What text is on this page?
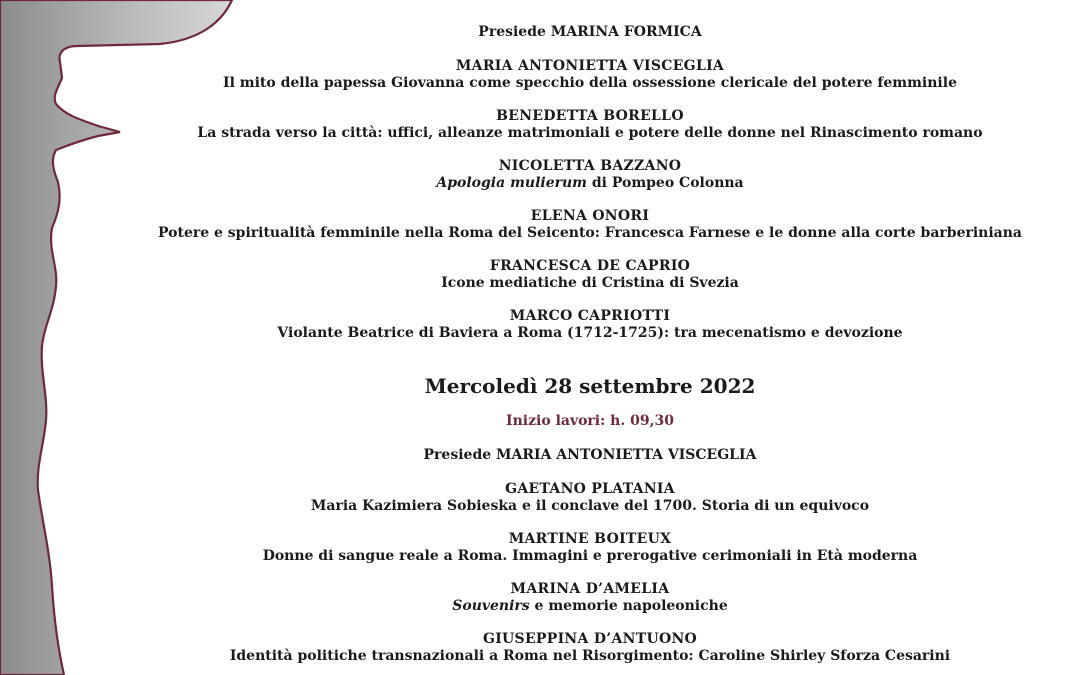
Presiede MARINA FORMICA
MARIA ANTONIETTA VISCEGLIA
Il mito della papessa Giovanna come specchio della ossessione clericale del potere femminile
BENEDETTA BORELLO
La strada verso la città: uffici, alleanze matrimoniali e potere delle donne nel Rinascimento romano
NICOLETTA BAZZANO
Apologia mulierum di Pompeo Colonna
ELENA ONORI
Potere e spiritualità femminile nella Roma del Seicento: Francesca Farnese e le donne alla corte barberiniana
FRANCESCA DE CAPRIO
Icone mediatiche di Cristina di Svezia
MARCO CAPRIOTTI
Violante Beatrice di Baviera a Roma (1712-1725): tra mecenatismo e devozione
Mercoledì 28 settembre 2022
Inizio lavori: h. 09,30
Presiede MARIA ANTONIETTA VISCEGLIA
GAETANO PLATANIA
Maria Kazimiera Sobieska e il conclave del 1700. Storia di un equivoco
MARTINE BOITEUX
Donne di sangue reale a Roma. Immagini e prerogative cerimoniali in Età moderna
MARINA D’AMELIA
Souvenirs e memorie napoleoniche
GIUSEPPINA D’ANTUONO
Identità politiche transnazionali a Roma nel Risorgimento: Caroline Shirley Sforza Cesarini
